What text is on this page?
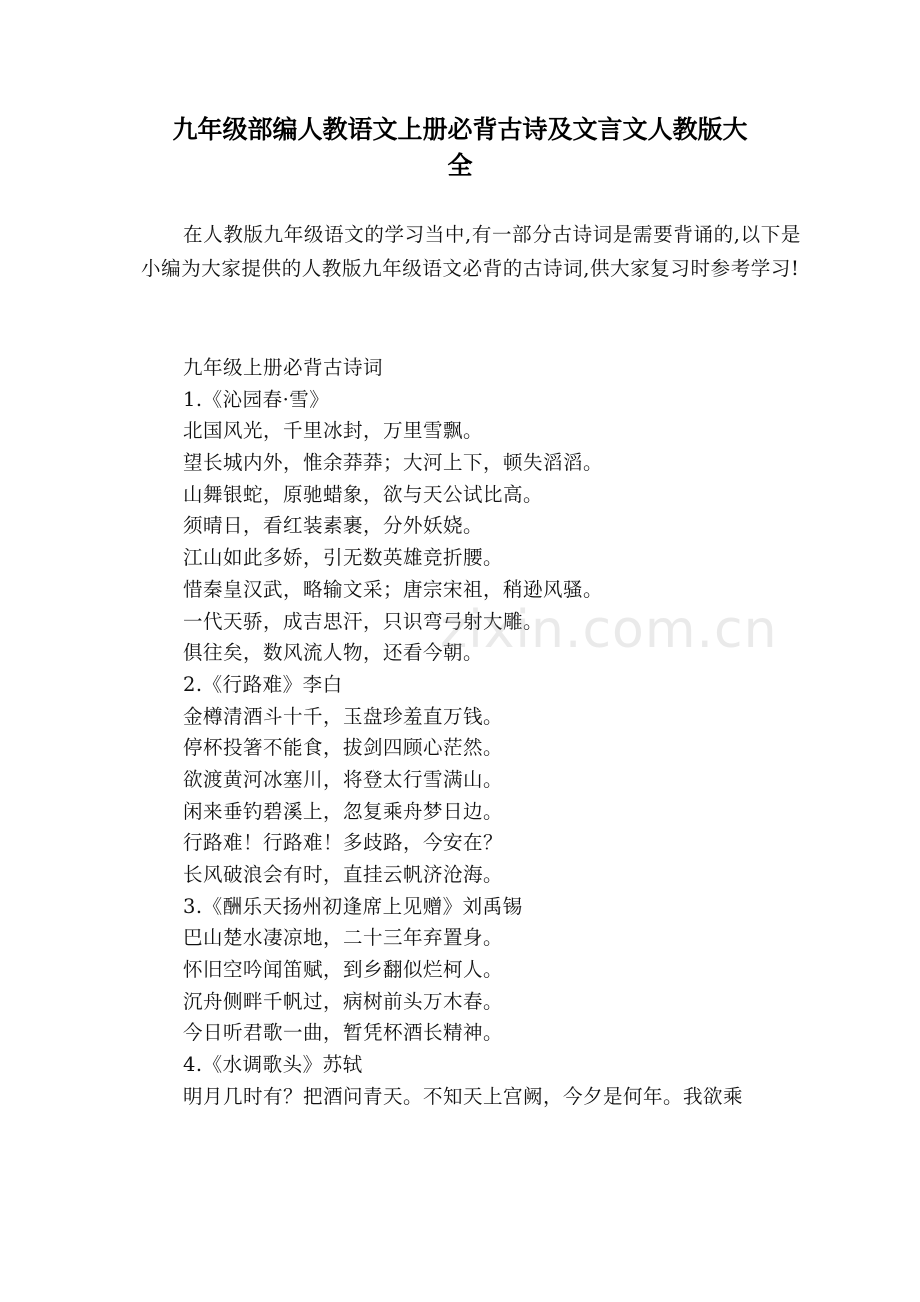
九年级部编人教语文上册必背古诗及文言文人教版大
全
在人教版九年级语文的学习当中,有一部分古诗词是需要背诵的,以下是小编为大家提供的人教版九年级语文必背的古诗词,供大家复习时参考学习!
九年级上册必背古诗词
1.《沁园春·雪》
北国风光，千里冰封，万里雪飘。
望长城内外，惟余莽莽；大河上下，顿失滔滔。
山舞银蛇，原驰蜡象，欲与天公试比高。
须晴日，看红装素裹，分外妖娆。
江山如此多娇，引无数英雄竞折腰。
惜秦皇汉武，略输文采；唐宗宋祖，稍逊风骚。
一代天骄，成吉思汗，只识弯弓射大雕。
俱往矣，数风流人物，还看今朝。
2.《行路难》李白
金樽清酒斗十千，玉盘珍羞直万钱。
停杯投箸不能食，拔剑四顾心茫然。
欲渡黄河冰塞川，将登太行雪满山。
闲来垂钓碧溪上，忽复乘舟梦日边。
行路难！行路难！多歧路，今安在？
长风破浪会有时，直挂云帆济沧海。
3.《酬乐天扬州初逢席上见赠》刘禹锡
巴山楚水凄凉地，二十三年弃置身。
怀旧空吟闻笛赋，到乡翻似烂柯人。
沉舟侧畔千帆过，病树前头万木春。
今日听君歌一曲，暂凭杯酒长精神。
4.《水调歌头》苏轼
明月几时有？把酒问青天。不知天上宫阙，今夕是何年。我欲乘
zixin.com.cn
